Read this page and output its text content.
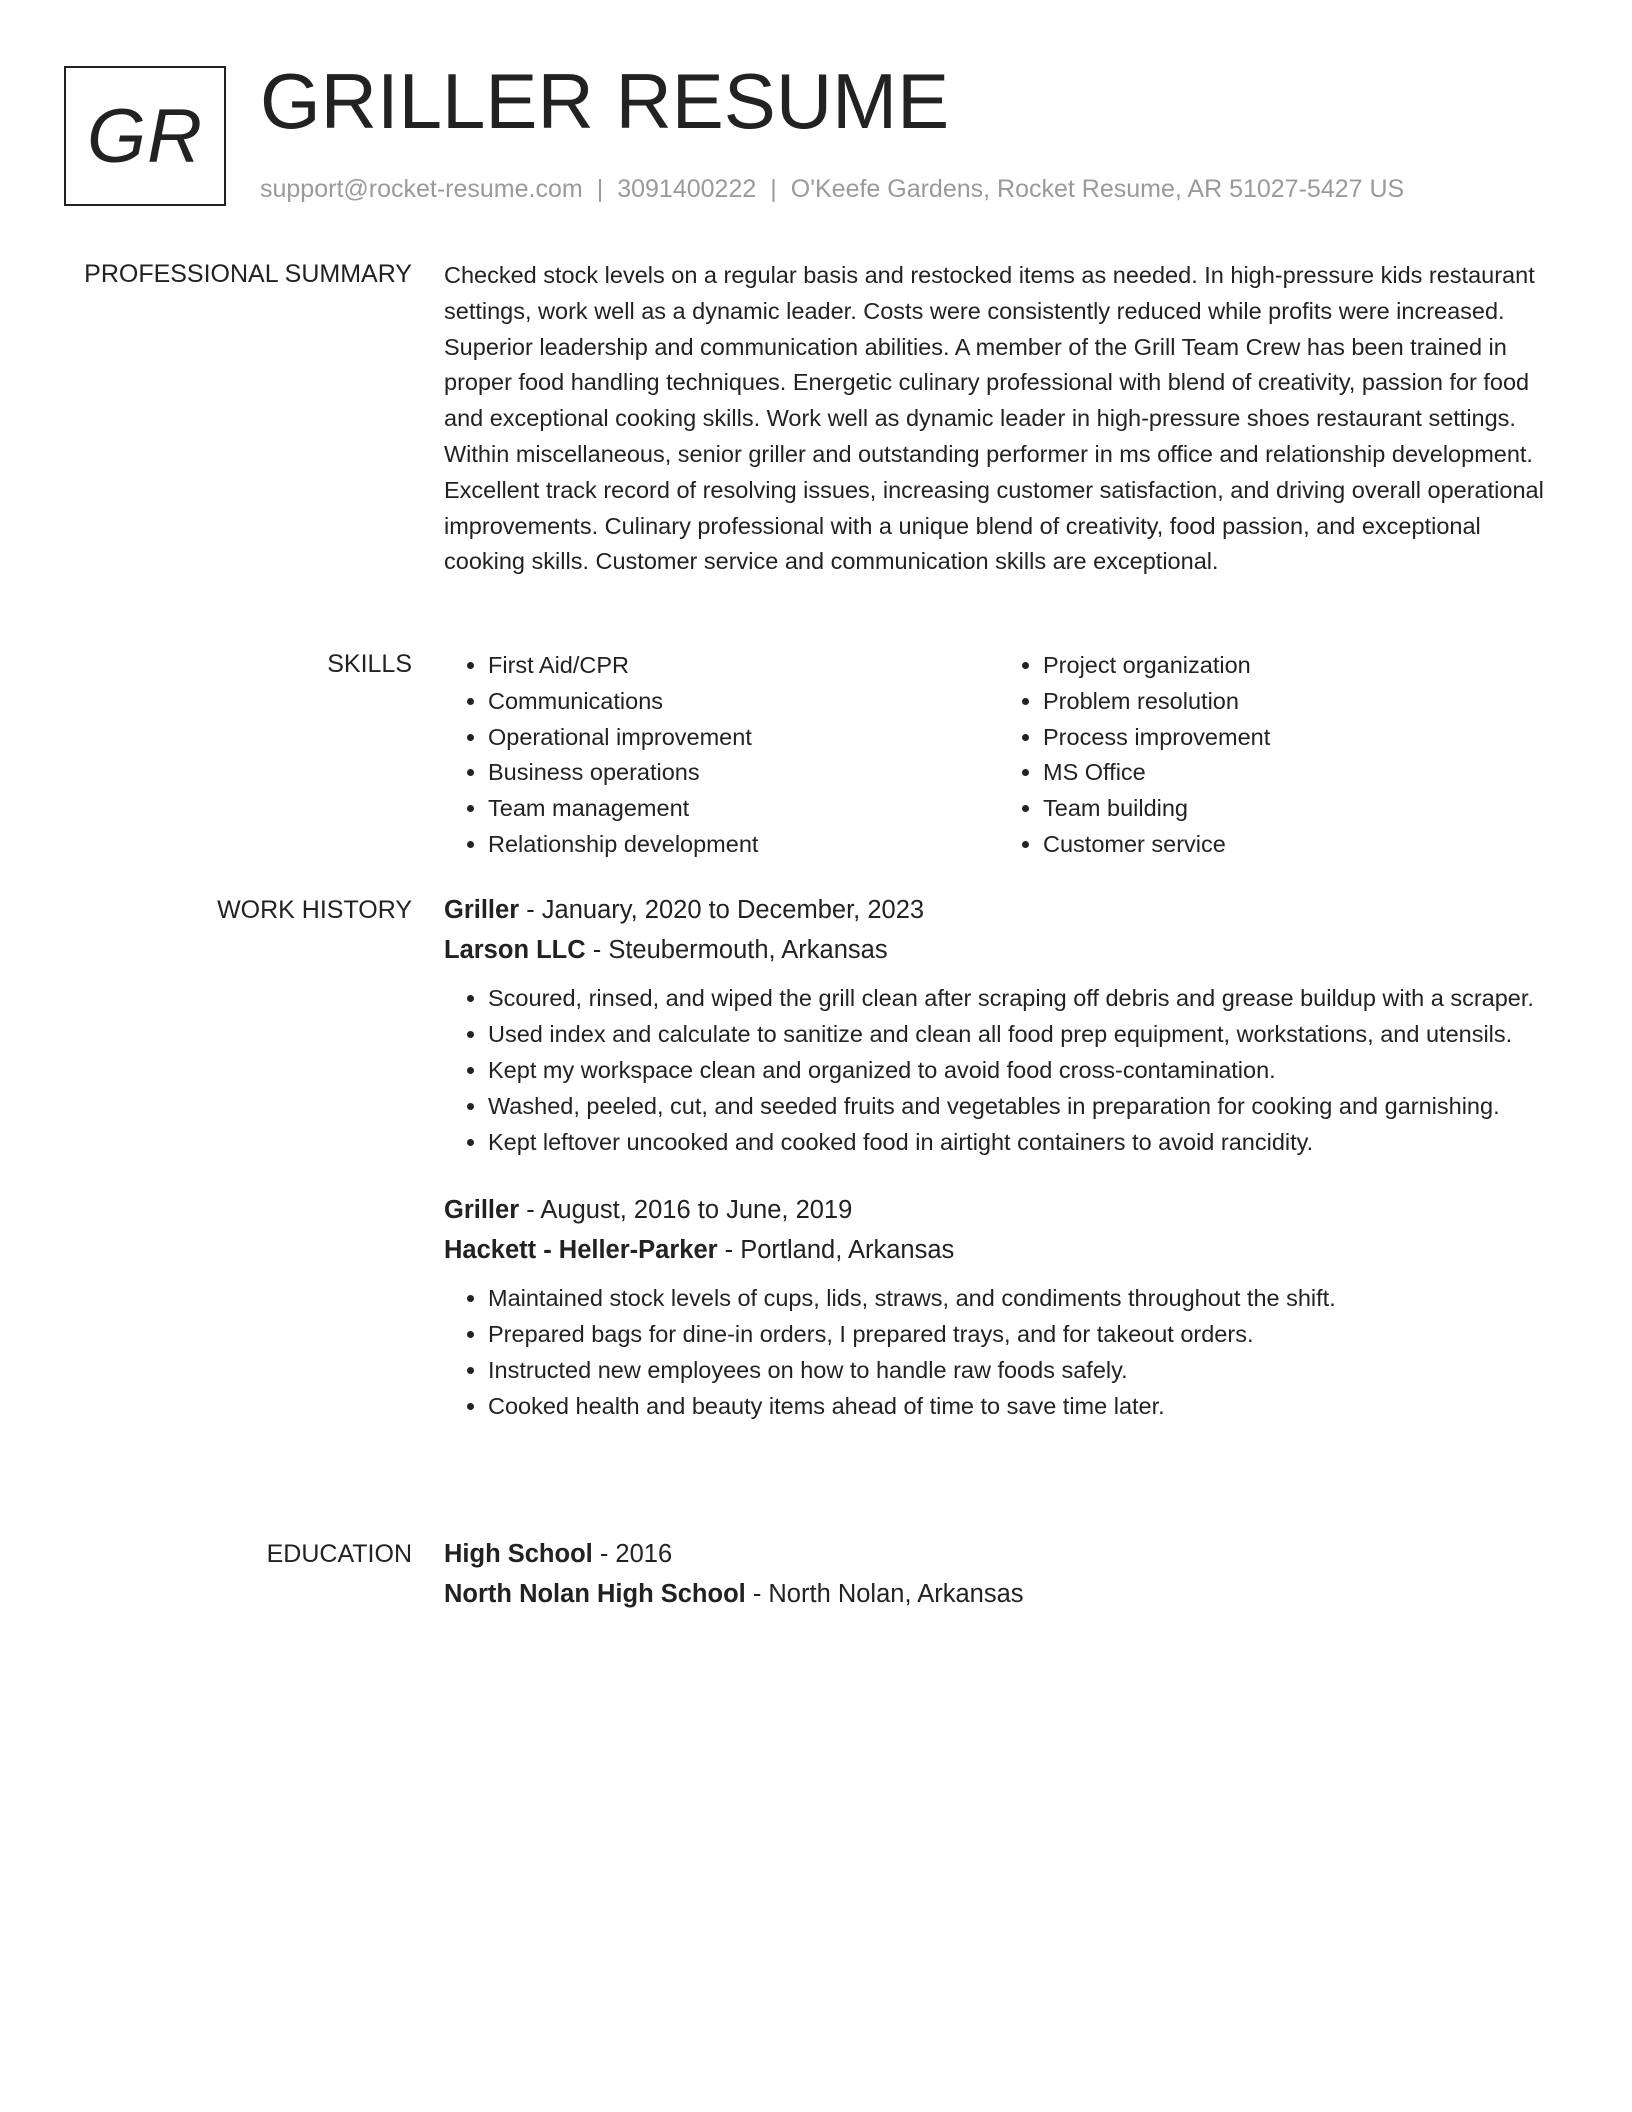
GR GRILLER RESUME
support@rocket-resume.com | 3091400222 | O'Keefe Gardens, Rocket Resume, AR 51027-5427 US
PROFESSIONAL SUMMARY Checked stock levels on a regular basis and restocked items as needed. In high-pressure kids restaurant settings, work well as a dynamic leader. Costs were consistently reduced while profits were increased. Superior leadership and communication abilities. A member of the Grill Team Crew has been trained in proper food handling techniques. Energetic culinary professional with blend of creativity, passion for food and exceptional cooking skills. Work well as dynamic leader in high-pressure shoes restaurant settings. Within miscellaneous, senior griller and outstanding performer in ms office and relationship development. Excellent track record of resolving issues, increasing customer satisfaction, and driving overall operational improvements. Culinary professional with a unique blend of creativity, food passion, and exceptional cooking skills. Customer service and communication skills are exceptional.

SKILLS
•	First Aid/CPR
• Communications
• Operational improvement
• Business operations
• Team management
• Relationship development
• Project organization
• Problem resolution
• Process improvement
• MS Office
• Team building
• Customer service
WORK HISTORY Griller - January, 2020 to December, 2023
Larson LLC - Steubermouth, Arkansas
• Scoured, rinsed, and wiped the grill clean after scraping off debris and grease buildup with a scraper.
• Used index and calculate to sanitize and clean all food prep equipment, workstations, and utensils.
• Kept my workspace clean and organized to avoid food cross-contamination.
• Washed, peeled, cut, and seeded fruits and vegetables in preparation for cooking and garnishing.
• Kept leftover uncooked and cooked food in airtight containers to avoid rancidity.
Griller - August, 2016 to June, 2019
Hackett - Heller-Parker - Portland, Arkansas
• Maintained stock levels of cups, lids, straws, and condiments throughout the shift.
• Prepared bags for dine-in orders, I prepared trays, and for takeout orders.
• Instructed new employees on how to handle raw foods safely.
• Cooked health and beauty items ahead of time to save time later.
EDUCATION High School - 2016
North Nolan High School - North Nolan, Arkansas
